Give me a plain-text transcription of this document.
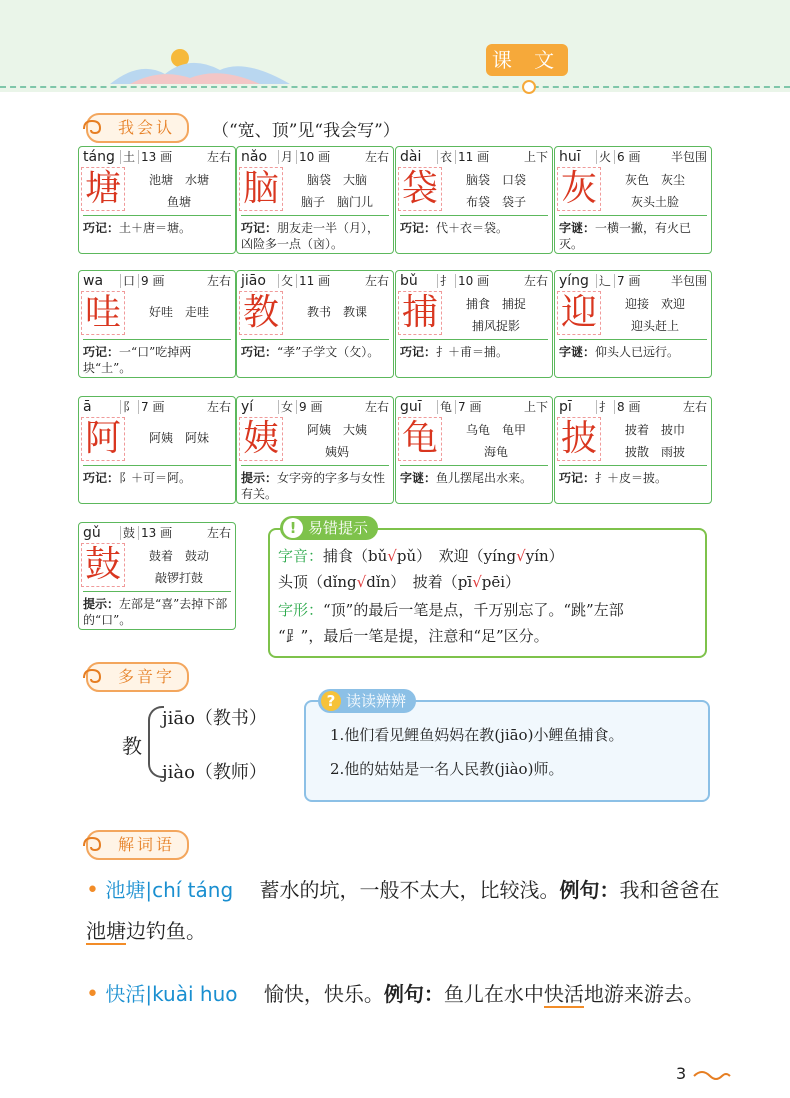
课 文
我会认	（“宽、顶”见“我会写”）
táng 土 13 画	左右
塘	池塘　水塘
鱼塘
巧记：土＋唐＝塘。
nǎo 月 10 画	左右
脑	脑袋　大脑
脑子　脑门儿
巧记：朋友走一半（月），凶险多一点（㐫）。
dài 衣 11 画	上下
袋	脑袋　口袋
布袋　袋子
巧记：代＋衣＝袋。
huī 火 6 画	半包围
灰	灰色　灰尘
灰头土脸
字谜：一横一撇，有火已灭。
wa 口 9 画	左右
哇	好哇　走哇
巧记：一“口”吃掉两块“土”。
jiāo 攵 11 画	左右
教	教书　教课
巧记：“孝”子学文（攵）。
bǔ 扌 10 画	左右
捕	捕食　捕捉
捕风捉影
巧记：扌＋甫＝捕。
yíng 辶 7 画	半包围
迎	迎接　欢迎
迎头赶上
字谜：仰头人已远行。
ā	阝 7 画	左右
阿	阿姨　阿妹
巧记：阝＋可＝阿。
yí 女 9 画	左右
姨	阿姨　大姨
姨妈
提示：女字旁的字多与女性有关。
guī 龟 7 画	上下
龟	乌龟　龟甲
海龟
字谜：鱼儿摆尾出水来。
pī 扌 8 画	左右
披	披着　披巾
披散　雨披
巧记：扌＋皮＝披。
gǔ 鼓 13 画	左右
鼓	鼓着　鼓动
敲锣打鼓
提示：左部是“喜”去掉下部的“口”。
! 易错提示
字音：捕食（bǔ√pǔ）　欢迎（yíng√yín）
头顶（dǐng√dǐn）　披着（pī√pēi）
字形：“顶”的最后一笔是点，千万别忘了。“跳”左部
“⻊”，最后一笔是提，注意和“足”区分。
多音字
教
jiāo（教书）
jiào（教师）
? 读读辨辨
1.他们看见鲤鱼妈妈在教(jiāo)小鲤鱼捕食。
2.他的姑姑是一名人民教(jiào)师。
解词语
• 池塘|chí táng　 蓄水的坑，一般不太大，比较浅。例句：我和爸爸在池塘边钓鱼。
• 快活|kuài huo　 愉快，快乐。例句：鱼儿在水中快活地游来游去。
3
